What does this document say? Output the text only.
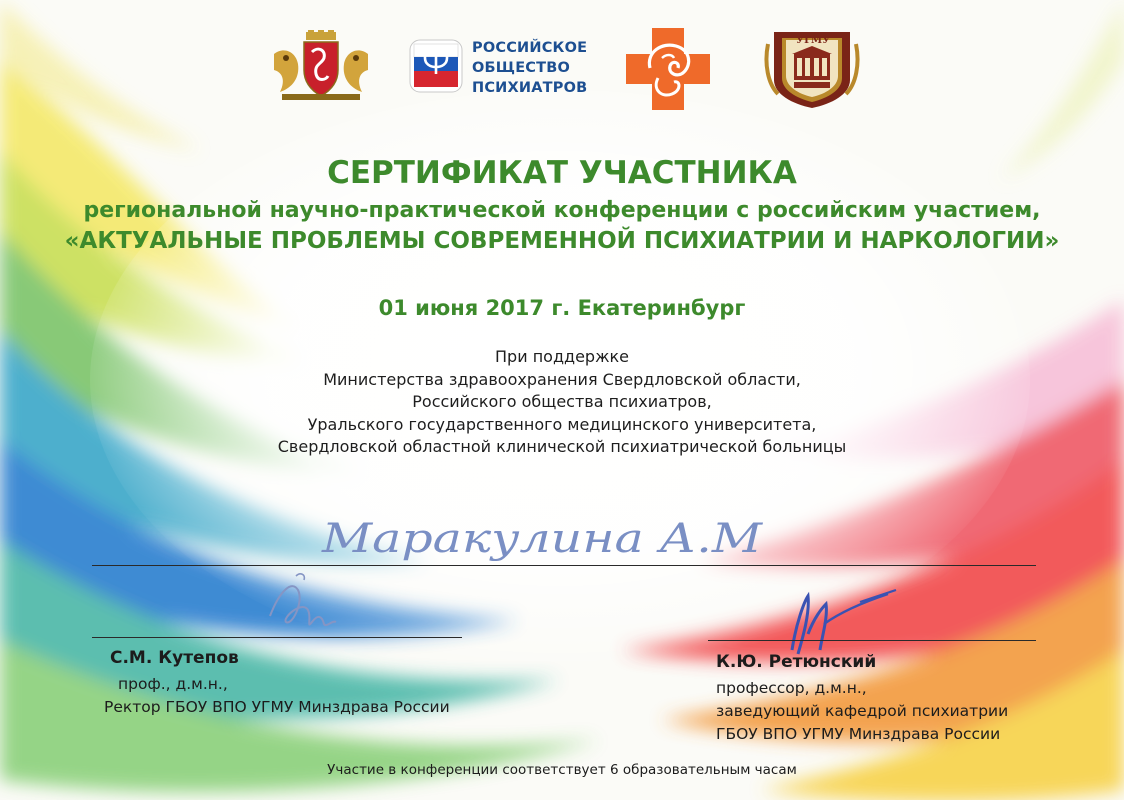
РОССИЙСКОЕ
ОБЩЕСТВО
ПСИХИАТРОВ
УГМУ
СЕРТИФИКАТ УЧАСТНИКА
региональной научно-практической конференции с российским участием,
«АКТУАЛЬНЫЕ ПРОБЛЕМЫ СОВРЕМЕННОЙ ПСИХИАТРИИ И НАРКОЛОГИИ»
01 июня 2017 г. Екатеринбург
При поддержке
Министерства здравоохранения Свердловской области,
Российского общества психиатров,
Уральского государственного медицинского университета,
Свердловской областной клинической психиатрической больницы
Маракулина А.М
С.М. Кутепов
проф., д.м.н.,
Ректор ГБОУ ВПО УГМУ Минздрава России
К.Ю. Ретюнский
профессор, д.м.н.,
заведующий кафедрой психиатрии
ГБОУ ВПО УГМУ Минздрава России
Участие в конференции соответствует 6 образовательным часам
